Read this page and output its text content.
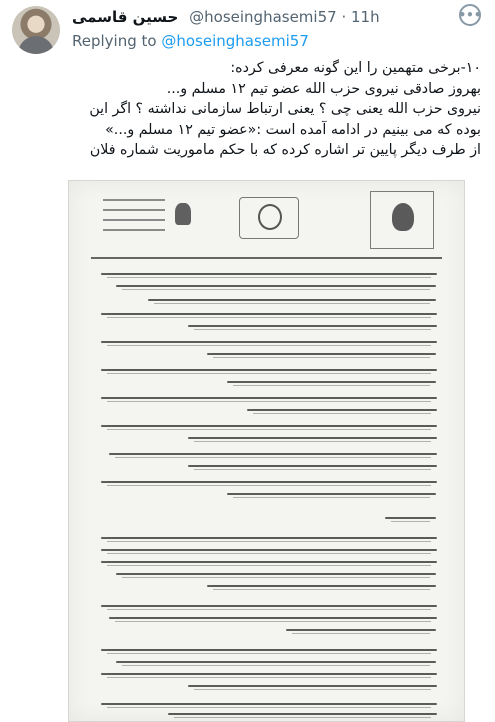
حسین قاسمی @hoseinghasemi57 · 11h	•••
Replying to @hoseinghasemi57
۱۰-برخی متهمین را این گونه معرفی کرده:
بهروز صادقی نیروی حزب الله عضو تیم ۱۲ مسلم و...
نیروی حزب الله یعنی چی ؟ یعنی ارتباط سازمانی نداشته ؟ اگر این
بوده که می بینیم در ادامه آمده است :«عضو تیم ۱۲ مسلم و...»
از طرف دیگر پایین تر اشاره کرده که با حکم ماموریت شماره فلان
